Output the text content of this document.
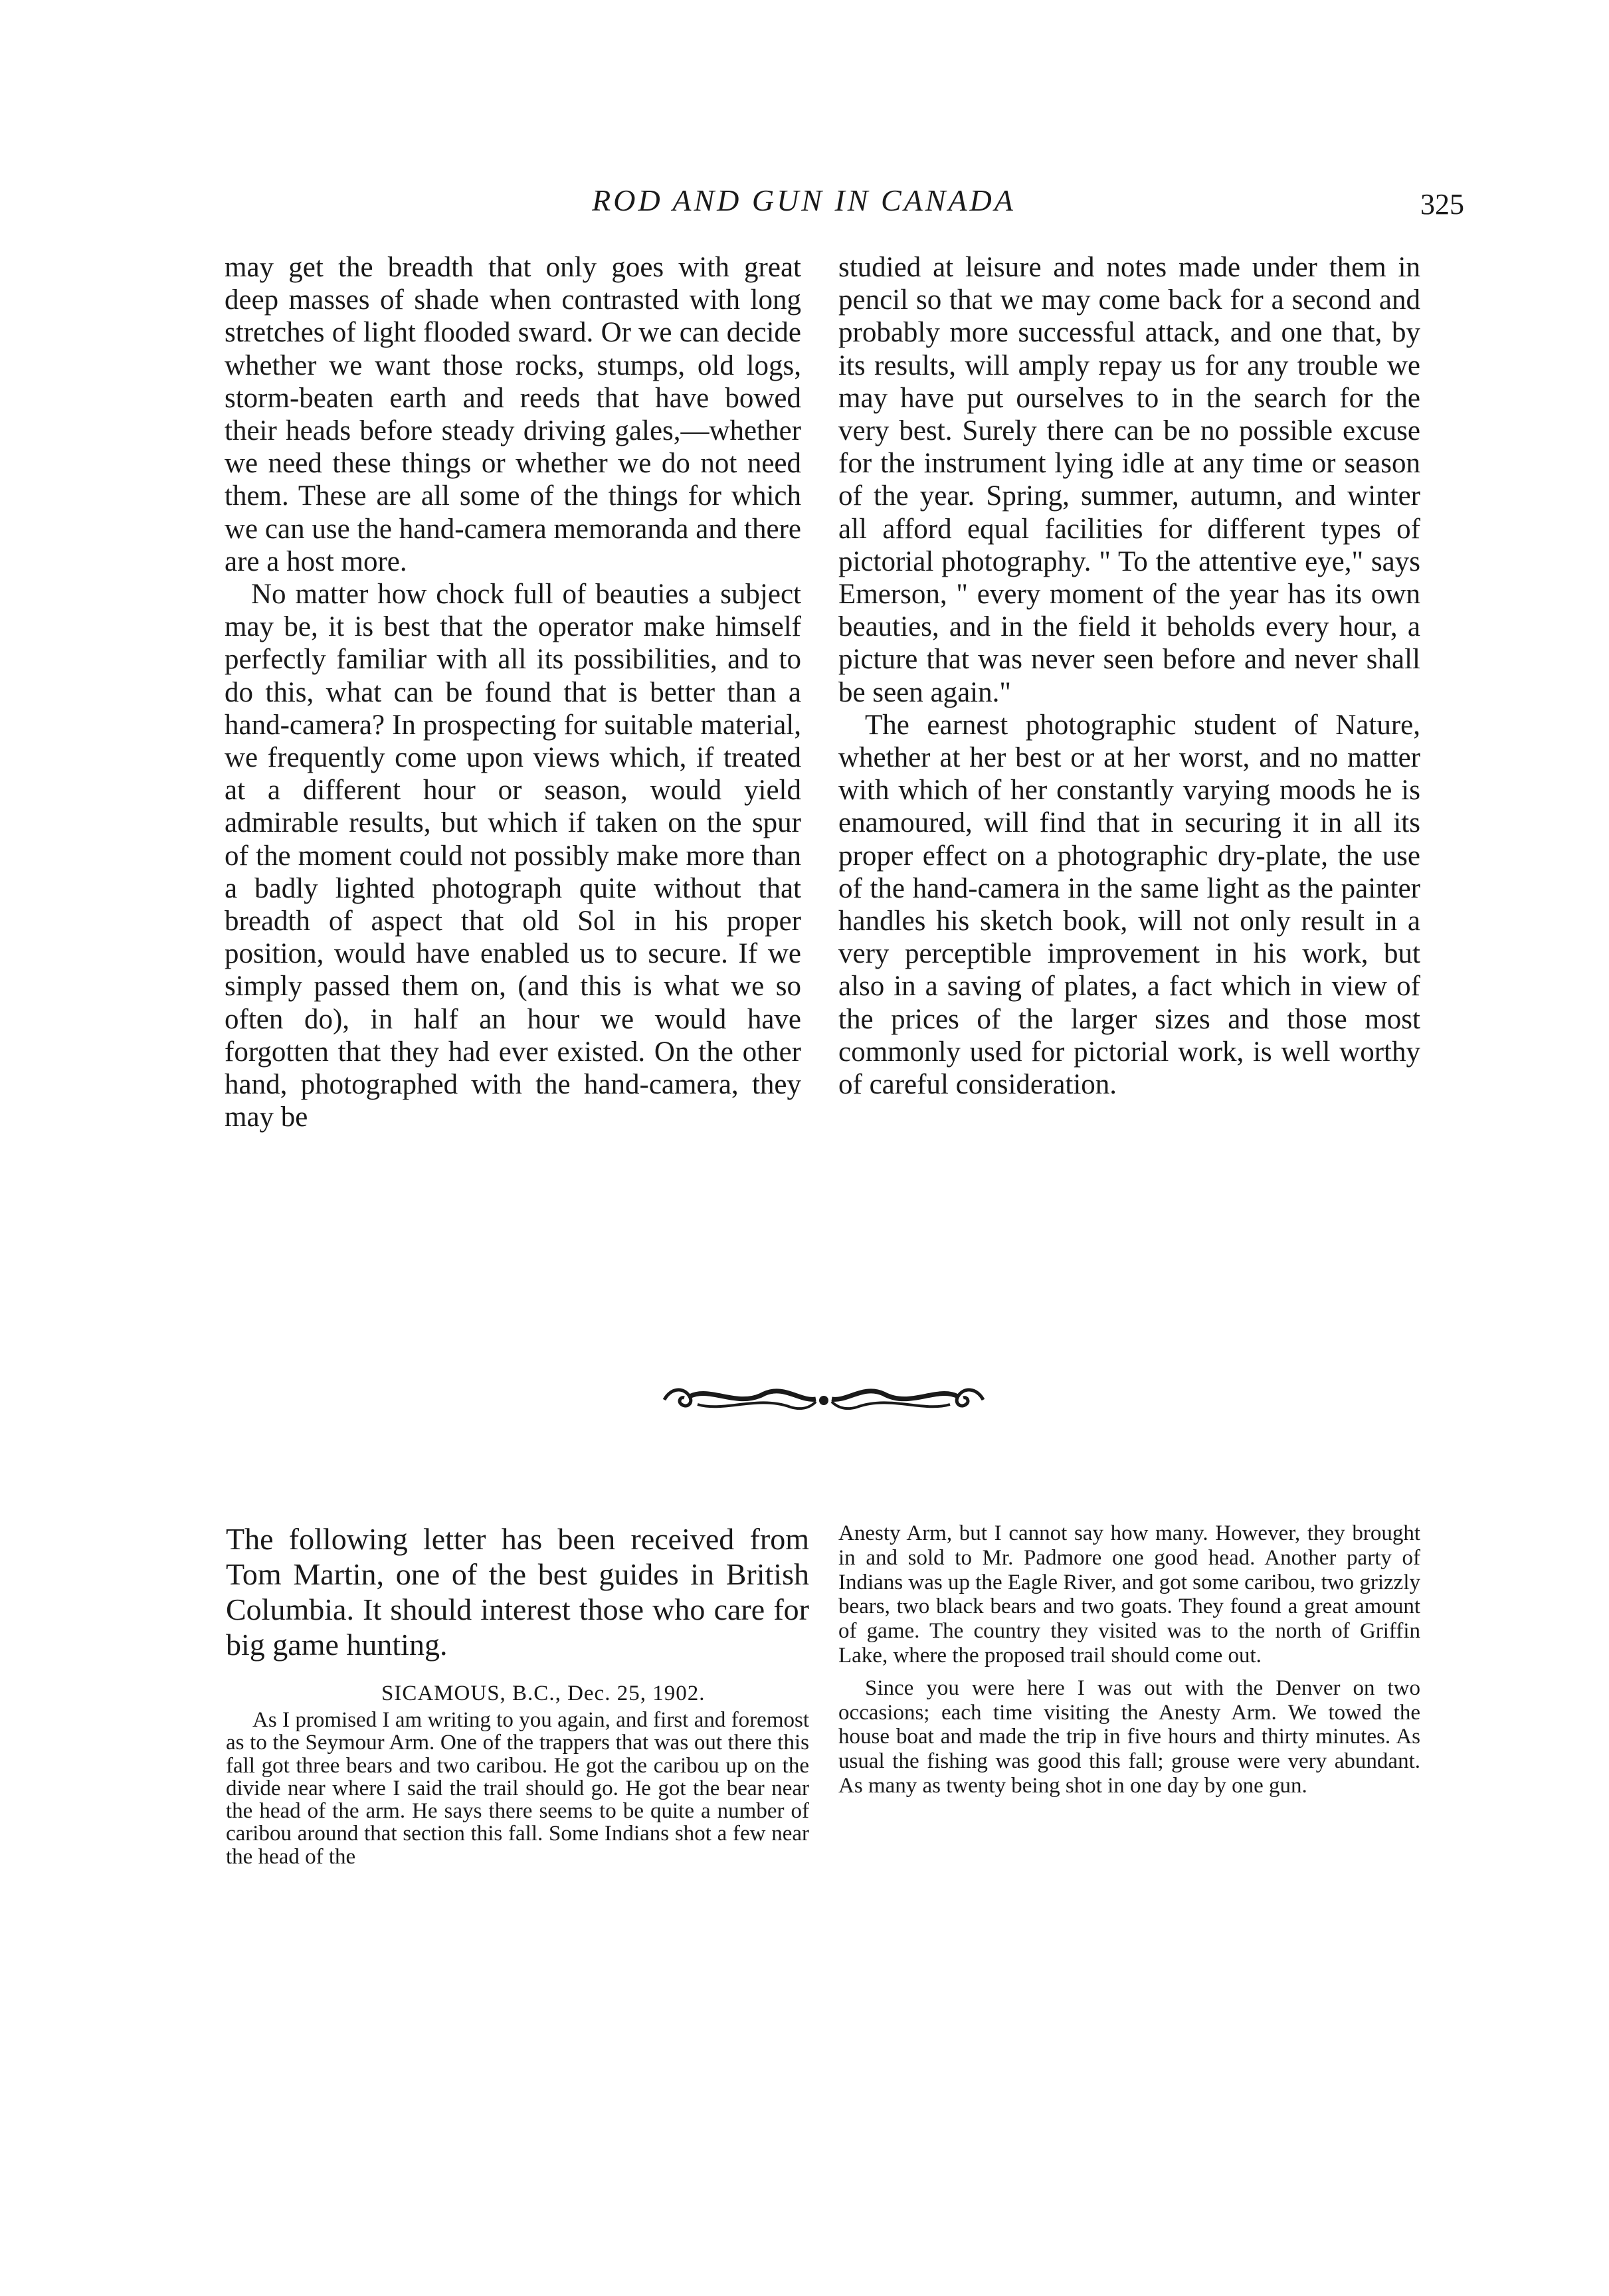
ROD AND GUN IN CANADA	325

may get the breadth that only goes with great deep masses of shade when contrasted with long stretches of light flooded sward. Or we can decide whether we want those rocks, stumps, old logs, storm-beaten earth and reeds that have bowed their heads before steady driving gales,—whether we need these things or whether we do not need them. These are all some of the things for which we can use the hand-camera memoranda and there are a host more.

No matter how chock full of beauties a subject may be, it is best that the operator make himself perfectly familiar with all its possibilities, and to do this, what can be found that is better than a hand-camera? In prospecting for suitable material, we frequently come upon views which, if treated at a different hour or season, would yield admirable results, but which if taken on the spur of the moment could not possibly make more than a badly lighted photograph quite without that breadth of aspect that old Sol in his proper position, would have enabled us to secure. If we simply passed them on, (and this is what we so often do), in half an hour we would have forgotten that they had ever existed. On the other hand, photographed with the hand-camera, they may be

studied at leisure and notes made under them in pencil so that we may come back for a second and probably more successful attack, and one that, by its results, will amply repay us for any trouble we may have put ourselves to in the search for the very best. Surely there can be no possible excuse for the instrument lying idle at any time or season of the year. Spring, summer, autumn, and winter all afford equal facilities for different types of pictorial photography. " To the attentive eye," says Emerson, " every moment of the year has its own beauties, and in the field it beholds every hour, a picture that was never seen before and never shall be seen again."

The earnest photographic student of Nature, whether at her best or at her worst, and no matter with which of her constantly varying moods he is enamoured, will find that in securing it in all its proper effect on a photographic dry-plate, the use of the hand-camera in the same light as the painter handles his sketch book, will not only result in a very perceptible improvement in his work, but also in a saving of plates, a fact which in view of the prices of the larger sizes and those most commonly used for pictorial work, is well worthy of careful consideration.

The following letter has been received from Tom Martin, one of the best guides in British Columbia. It should interest those who care for big game hunting.

SICAMOUS, B.C., Dec. 25, 1902.

As I promised I am writing to you again, and first and foremost as to the Seymour Arm. One of the trappers that was out there this fall got three bears and two caribou. He got the caribou up on the divide near where I said the trail should go. He got the bear near the head of the arm. He says there seems to be quite a number of caribou around that section this fall. Some Indians shot a few near the head of the

Anesty Arm, but I cannot say how many. However, they brought in and sold to Mr. Padmore one good head. Another party of Indians was up the Eagle River, and got some caribou, two grizzly bears, two black bears and two goats. They found a great amount of game. The country they visited was to the north of Griffin Lake, where the proposed trail should come out.

Since you were here I was out with the Denver on two occasions; each time visiting the Anesty Arm. We towed the house boat and made the trip in five hours and thirty minutes. As usual the fishing was good this fall; grouse were very abundant. As many as twenty being shot in one day by one gun.
